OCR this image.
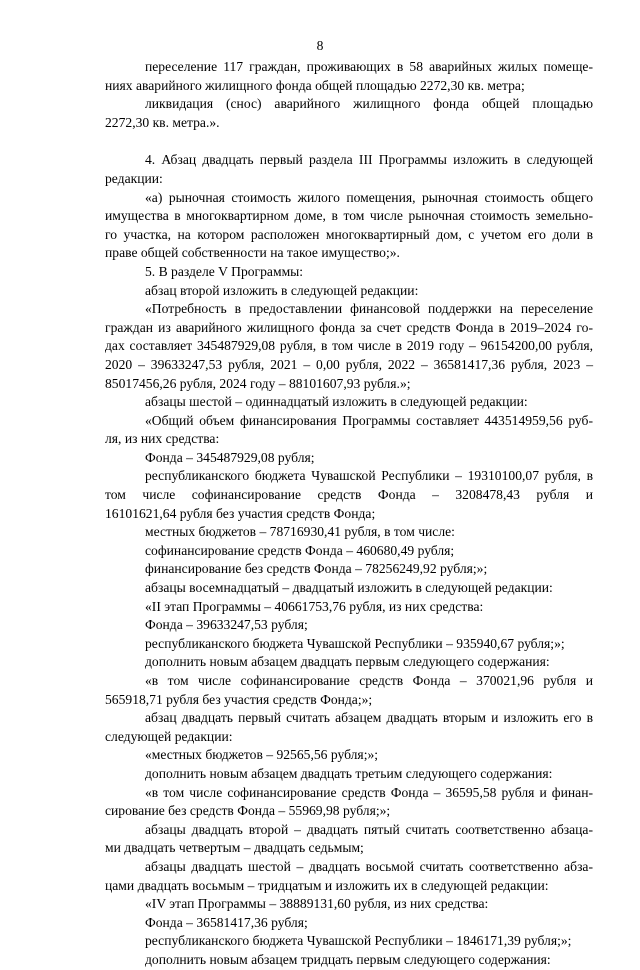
8

переселение 117 граждан, проживающих в 58 аварийных жилых помеще-
ниях аварийного жилищного фонда общей площадью 2272,30 кв. метра;

ликвидация (снос) аварийного жилищного фонда общей площадью
2272,30 кв. метра.».

4. Абзац двадцать первый раздела III Программы изложить в следующей
редакции:

«а) рыночная стоимость жилого помещения, рыночная стоимость общего
имущества в многоквартирном доме, в том числе рыночная стоимость земельно-
го участка, на котором расположен многоквартирный дом, с учетом его доли в
праве общей собственности на такое имущество;».

5. В разделе V Программы:

абзац второй изложить в следующей редакции:

«Потребность в предоставлении финансовой поддержки на переселение
граждан из аварийного жилищного фонда за счет средств Фонда в 2019–2024 го-
дах составляет 345487929,08 рубля, в том числе в 2019 году – 96154200,00 рубля,
2020 – 39633247,53 рубля, 2021 – 0,00 рубля, 2022 – 36581417,36 рубля, 2023 –
85017456,26 рубля, 2024 году – 88101607,93 рубля.»;

абзацы шестой – одиннадцатый изложить в следующей редакции:

«Общий объем финансирования Программы составляет 443514959,56 руб-
ля, из них средства:

Фонда – 345487929,08 рубля;

республиканского бюджета Чувашской Республики – 19310100,07 рубля, в
том числе софинансирование средств Фонда – 3208478,43 рубля и
16101621,64 рубля без участия средств Фонда;

местных бюджетов – 78716930,41 рубля, в том числе:

софинансирование средств Фонда – 460680,49 рубля;

финансирование без средств Фонда – 78256249,92 рубля;»;

абзацы восемнадцатый – двадцатый изложить в следующей редакции:

«II этап Программы – 40661753,76 рубля, из них средства:

Фонда – 39633247,53 рубля;

республиканского бюджета Чувашской Республики – 935940,67 рубля;»;

дополнить новым абзацем двадцать первым следующего содержания:

«в том числе софинансирование средств Фонда – 370021,96 рубля и
565918,71 рубля без участия средств Фонда;»;

абзац двадцать первый считать абзацем двадцать вторым и изложить его в
следующей редакции:

«местных бюджетов – 92565,56 рубля;»;

дополнить новым абзацем двадцать третьим следующего содержания:

«в том числе софинансирование средств Фонда – 36595,58 рубля и финан-
сирование без средств Фонда – 55969,98 рубля;»;

абзацы двадцать второй – двадцать пятый считать соответственно абзаца-
ми двадцать четвертым – двадцать седьмым;

абзацы двадцать шестой – двадцать восьмой считать соответственно абза-
цами двадцать восьмым – тридцатым и изложить их в следующей редакции:

«IV этап Программы – 38889131,60 рубля, из них средства:

Фонда – 36581417,36 рубля;

республиканского бюджета Чувашской Республики – 1846171,39 рубля;»;

дополнить новым абзацем тридцать первым следующего содержания:
